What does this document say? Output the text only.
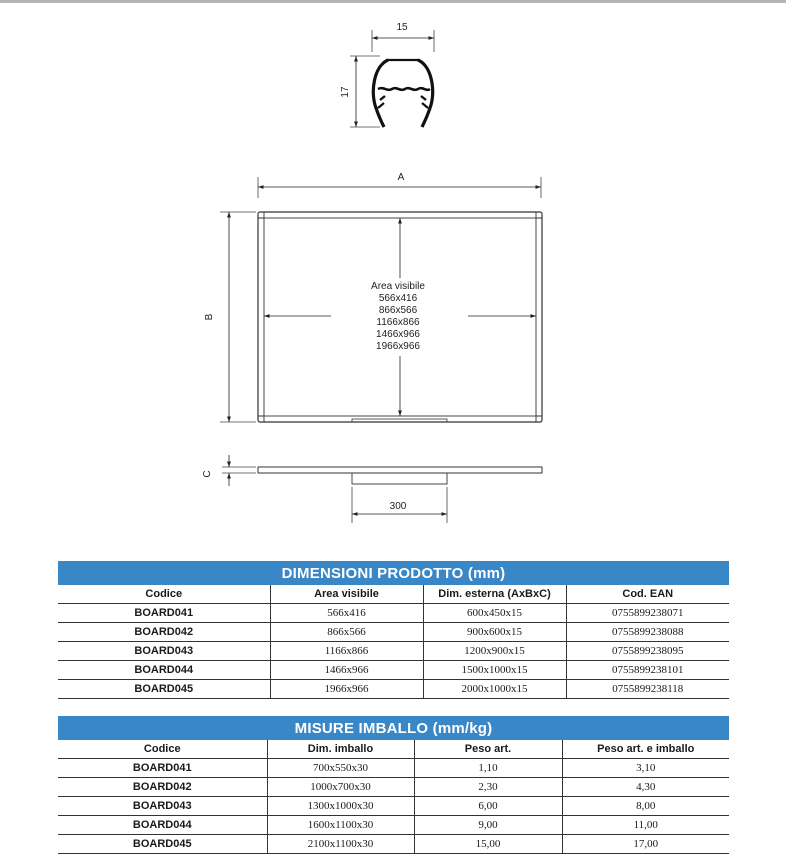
15
17
A
B
Area visibile
566x416
866x566
1166x866
1466x966
1966x966
C
300
DIMENSIONI PRODOTTO (mm)
Codice	Area visibile	Dim. esterna (AxBxC)	Cod. EAN
BOARD041	566x416	600x450x15	0755899238071
BOARD042	866x566	900x600x15	0755899238088
BOARD043	1166x866	1200x900x15	0755899238095
BOARD044	1466x966	1500x1000x15	0755899238101
BOARD045	1966x966	2000x1000x15	0755899238118
MISURE IMBALLO (mm/kg)
Codice	Dim. imballo	Peso art.	Peso art. e imballo
BOARD041	700x550x30	1,10	3,10
BOARD042	1000x700x30	2,30	4,30
BOARD043	1300x1000x30	6,00	8,00
BOARD044	1600x1100x30	9,00	11,00
BOARD045	2100x1100x30	15,00	17,00
